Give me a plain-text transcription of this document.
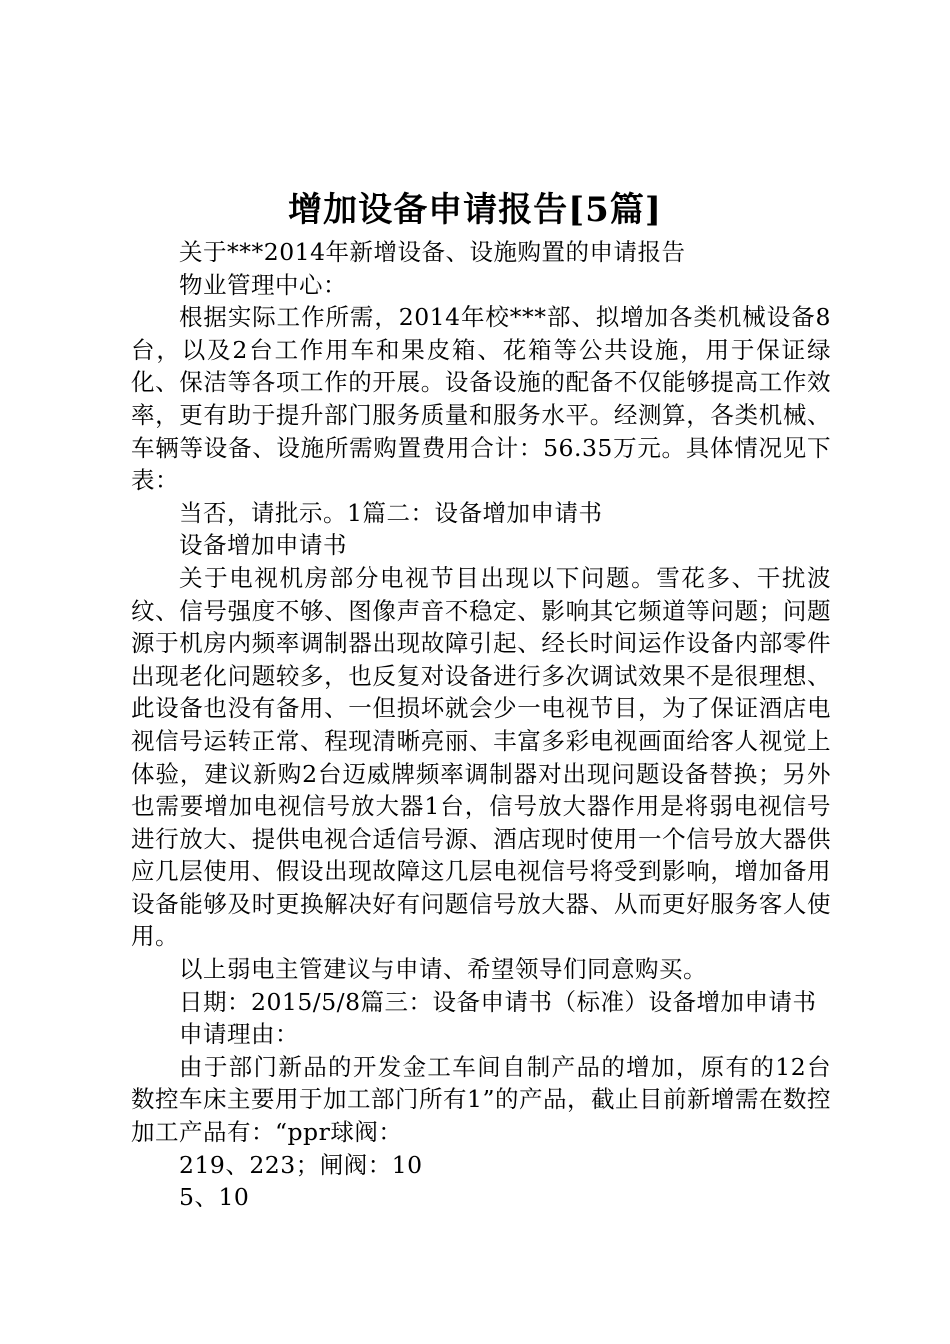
增加设备申请报告[5篇]

关于***2014年新增设备、设施购置的申请报告

物业管理中心：

根据实际工作所需，2014年校***部、拟增加各类机械设备8台，以及2台工作用车和果皮箱、花箱等公共设施，用于保证绿化、保洁等各项工作的开展。设备设施的配备不仅能够提高工作效率，更有助于提升部门服务质量和服务水平。经测算，各类机械、车辆等设备、设施所需购置费用合计：56.35万元。具体情况见下表：

当否，请批示。1篇二：设备增加申请书

设备增加申请书

关于电视机房部分电视节目出现以下问题。雪花多、干扰波纹、信号强度不够、图像声音不稳定、影响其它频道等问题；问题源于机房内频率调制器出现故障引起、经长时间运作设备内部零件出现老化问题较多，也反复对设备进行多次调试效果不是很理想、此设备也没有备用、一但损坏就会少一电视节目，为了保证酒店电视信号运转正常、程现清晰亮丽、丰富多彩电视画面给客人视觉上体验，建议新购2台迈威牌频率调制器对出现问题设备替换；另外也需要增加电视信号放大器1台，信号放大器作用是将弱电视信号进行放大、提供电视合适信号源、酒店现时使用一个信号放大器供应几层使用、假设出现故障这几层电视信号将受到影响，增加备用设备能够及时更换解决好有问题信号放大器、从而更好服务客人使用。

以上弱电主管建议与申请、希望领导们同意购买。

日期：2015/5/8篇三：设备申请书（标准）设备增加申请书

申请理由：

由于部门新品的开发金工车间自制产品的增加，原有的12台数控车床主要用于加工部门所有1”的产品，截止目前新增需在数控加工产品有：“ppr球阀：

219、223；闸阀：10

5、10
